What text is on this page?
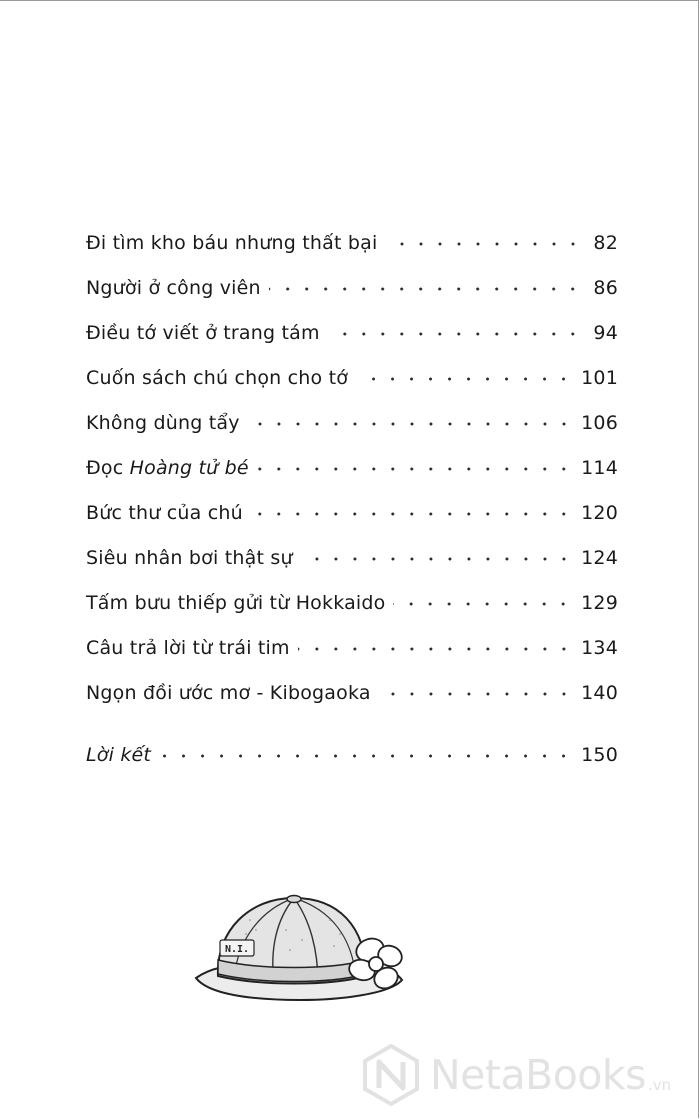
Đi tìm kho báu nhưng thất bại	82
Người ở công viên	86
Điều tớ viết ở trang tám	94
Cuốn sách chú chọn cho tớ	101
Không dùng tẩy	106
Đọc Hoàng tử bé	114
Bức thư của chú	120
Siêu nhân bơi thật sự	124
Tấm bưu thiếp gửi từ Hokkaido	129
Câu trả lời từ trái tim	134
Ngọn đồi ước mơ - Kibogaoka	140
Lời kết	150
N.I.
NetaBooks .vn
